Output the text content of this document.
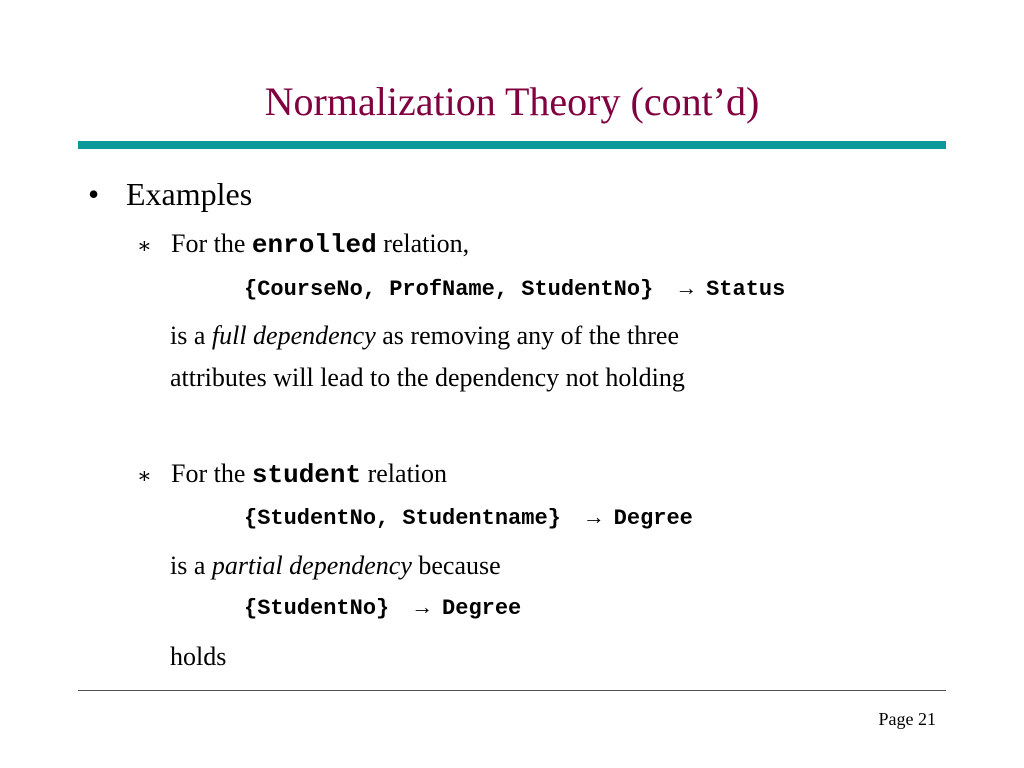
Normalization Theory (cont’d)
• Examples
∗ For the enrolled relation,
{CourseNo, ProfName, StudentNo} → Status
is a full dependency as removing any of the three
attributes will lead to the dependency not holding
∗ For the student relation
{StudentNo, Studentname} → Degree
is a partial dependency because
{StudentNo} → Degree
holds
Page 21
